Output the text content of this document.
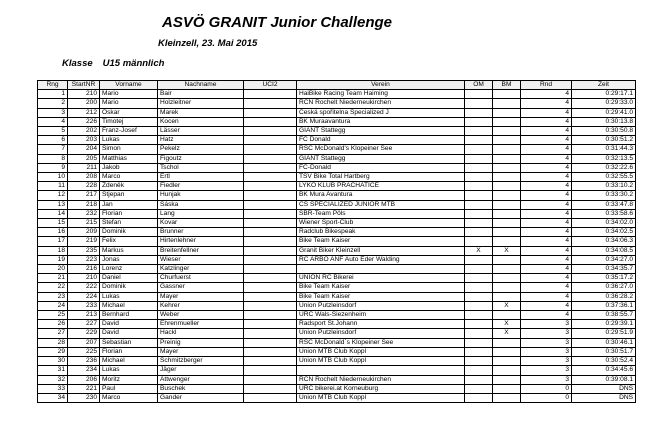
ASVÖ GRANIT Junior Challenge
Kleinzell, 23. Mai 2015
Klasse U15 männlich
Rng	StartNR	Vorname	Nachname	UCI2	Verein	OM	BM	Rnd	Zeit
1	210	Mario	Bair		HaiBike Racing Team Haiming			4	0:29:17.1
2	200	Mario	Holzleitner		RCN Rochelt Niederneukirchen			4	0:29:33.0
3	212	Oskar	Marek		Česká spořitelna Specialized J			4	0:29:41.0
4	226	Timotej	Kocen		BK Muraavantura			4	0:30:13.8
5	202	Franz-Josef	Lässer		GIANT Stattegg			4	0:30:50.8
6	203	Lukas	Hatz		FC Donald			4	0:30:51.2
7	204	Simon	Pekelz		RSC McDonald's Klopeiner See			4	0:31:44.3
8	205	Matthias	Figoutz		GIANT Stattegg			4	0:32:13.5
9	211	Jakob	Tschol		FC-Donald			4	0:32:22.6
10	208	Marco	Ertl		TSV Bike Total Hartberg			4	0:32:55.5
11	228	Zdeněk	Fiedler		LYKO KLUB PRACHATICE			4	0:33:10.2
12	217	Stjepan	Hunjak		BK Mura Avantura			4	0:33:30.2
13	218	Jan	Sáska		CS SPECIALIZED JUNIOR MTB			4	0:33:47.8
14	232	Florian	Lang		SBR-Team Pöls			4	0:33:58.6
15	215	Stefan	Kovar		Wiener Sport-Club			4	0:34:02.0
16	209	Dominik	Brunner		Radclub Bikespeak			4	0:34:02.5
17	219	Felix	Hirtenlehner		Bike Team Kaiser			4	0:34:06.3
18	235	Markus	Breitenfellner		Granit Biker Kleinzell	X	X	4	0:34:08.5
19	223	Jonas	Wieser		RC ARBO ANF Auto Eder Walding			4	0:34:27.0
20	216	Lorenz	Katzlinger					4	0:34:35.7
21	210	Daniel	Churfuerst		UNION RC Bikerei			4	0:35:17.2
22	222	Dominik	Gassner		Bike Team Kaiser			4	0:36:27.0
23	224	Lukas	Mayer		Bike Team Kaiser			4	0:36:28.2
24	233	Michael	Kehrer		Union Putzleinsdorf		X	4	0:37:36.1
25	213	Bernhard	Weber		URC Wals-Siezenheim			4	0:38:55.7
26	227	David	Ehrenmueller		Radsport St.Johann		X	3	0:29:39.1
27	229	David	Hackl		Union Putzleinsdorf		X	3	0:29:51.9
28	207	Sebastian	Preinig		RSC McDonald´s Klopeiner See			3	0:30:46.1
29	225	Florian	Mayer		Union MTB Club Koppl			3	0:30:51.7
30	236	Michael	Schmitzberger		Union MTB Club Koppl			3	0:30:52.4
31	234	Lukas	Jäger					3	0:34:45.6
32	206	Moritz	Attwenger		RCN Rochelt Niederneukirchen			3	0:39:08.1
33	221	Paul	Buschek		URC bikerei.at Korneuburg			0	DNS
34	230	Marco	Gander		Union MTB Club Koppl			0	DNS
